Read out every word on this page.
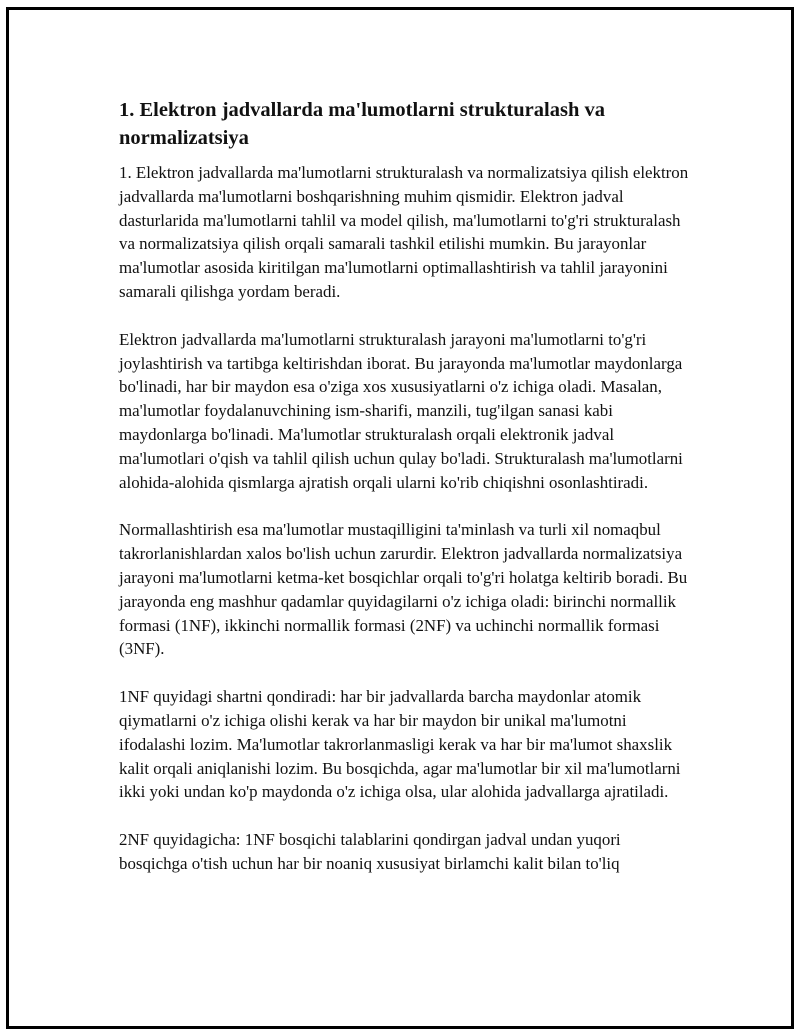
1. Elektron jadvallarda ma'lumotlarni strukturalash va normalizatsiya

1. Elektron jadvallarda ma'lumotlarni strukturalash va normalizatsiya qilish elektron jadvallarda ma'lumotlarni boshqarishning muhim qismidir. Elektron jadval dasturlarida ma'lumotlarni tahlil va model qilish, ma'lumotlarni to'g'ri strukturalash va normalizatsiya qilish orqali samarali tashkil etilishi mumkin. Bu jarayonlar ma'lumotlar asosida kiritilgan ma'lumotlarni optimallashtirish va tahlil jarayonini samarali qilishga yordam beradi.

Elektron jadvallarda ma'lumotlarni strukturalash jarayoni ma'lumotlarni to'g'ri joylashtirish va tartibga keltirishdan iborat. Bu jarayonda ma'lumotlar maydonlarga bo'linadi, har bir maydon esa o'ziga xos xususiyatlarni o'z ichiga oladi. Masalan, ma'lumotlar foydalanuvchining ism-sharifi, manzili, tug'ilgan sanasi kabi maydonlarga bo'linadi. Ma'lumotlar strukturalash orqali elektronik jadval ma'lumotlari o'qish va tahlil qilish uchun qulay bo'ladi. Strukturalash ma'lumotlarni alohida-alohida qismlarga ajratish orqali ularni ko'rib chiqishni osonlashtiradi.

Normallashtirish esa ma'lumotlar mustaqilligini ta'minlash va turli xil nomaqbul takrorlanishlardan xalos bo'lish uchun zarurdir. Elektron jadvallarda normalizatsiya jarayoni ma'lumotlarni ketma-ket bosqichlar orqali to'g'ri holatga keltirib boradi. Bu jarayonda eng mashhur qadamlar quyidagilarni o'z ichiga oladi: birinchi normallik formasi (1NF), ikkinchi normallik formasi (2NF) va uchinchi normallik formasi (3NF).

1NF quyidagi shartni qondiradi: har bir jadvallarda barcha maydonlar atomik qiymatlarni o'z ichiga olishi kerak va har bir maydon bir unikal ma'lumotni ifodalashi lozim. Ma'lumotlar takrorlanmasligi kerak va har bir ma'lumot shaxslik kalit orqali aniqlanishi lozim. Bu bosqichda, agar ma'lumotlar bir xil ma'lumotlarni ikki yoki undan ko'p maydonda o'z ichiga olsa, ular alohida jadvallarga ajratiladi.

2NF quyidagicha: 1NF bosqichi talablarini qondirgan jadval undan yuqori bosqichga o'tish uchun har bir noaniq xususiyat birlamchi kalit bilan to'liq
